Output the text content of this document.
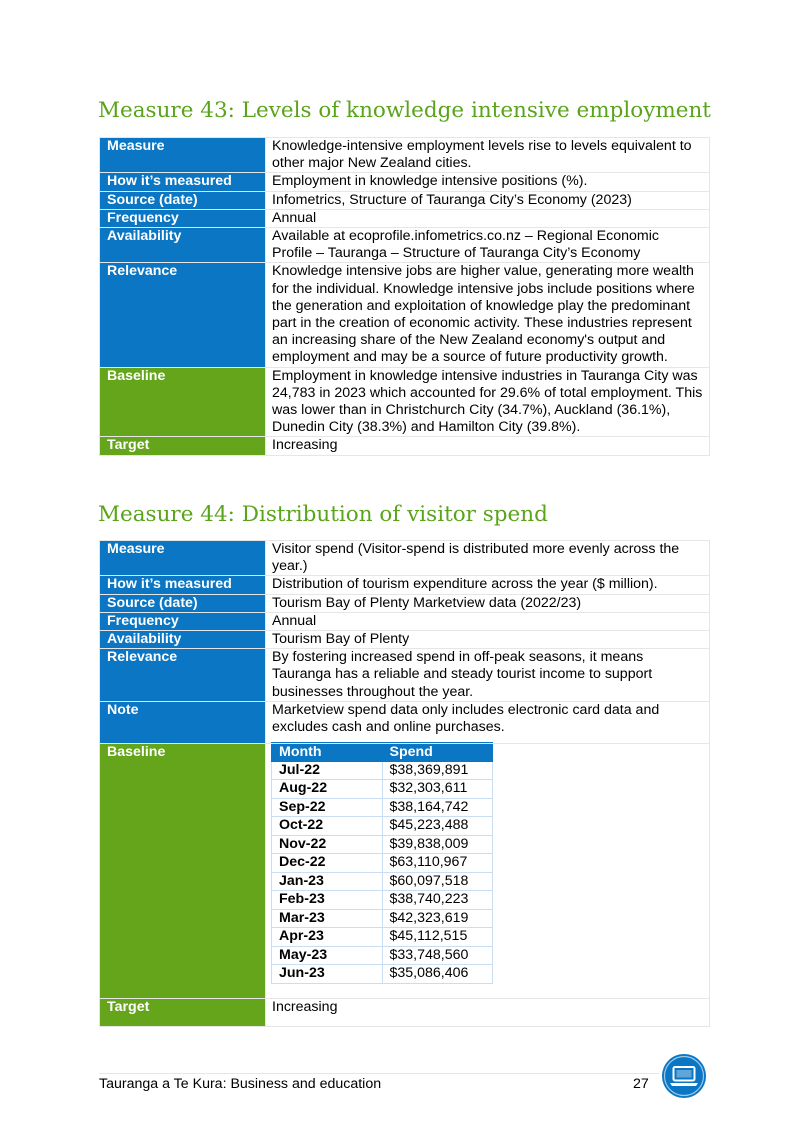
Measure 43: Levels of knowledge intensive employment
Measure	Knowledge-intensive employment levels rise to levels equivalent to other major New Zealand cities.
How it’s measured	Employment in knowledge intensive positions (%).
Source (date)	Infometrics, Structure of Tauranga City’s Economy (2023)
Frequency	Annual
Availability	Available at ecoprofile.infometrics.co.nz – Regional Economic Profile – Tauranga – Structure of Tauranga City’s Economy
Relevance	Knowledge intensive jobs are higher value, generating more wealth for the individual. Knowledge intensive jobs include positions where the generation and exploitation of knowledge play the predominant part in the creation of economic activity. These industries represent an increasing share of the New Zealand economy's output and employment and may be a source of future productivity growth.
Baseline	Employment in knowledge intensive industries in Tauranga City was 24,783 in 2023 which accounted for 29.6% of total employment. This was lower than in Christchurch City (34.7%), Auckland (36.1%), Dunedin City (38.3%) and Hamilton City (39.8%).
Target	Increasing
Measure 44: Distribution of visitor spend
Measure	Visitor spend (Visitor-spend is distributed more evenly across the year.)
How it’s measured	Distribution of tourism expenditure across the year ($ million).
Source (date)	Tourism Bay of Plenty Marketview data (2022/23)
Frequency	Annual
Availability	Tourism Bay of Plenty
Relevance	By fostering increased spend in off-peak seasons, it means Tauranga has a reliable and steady tourist income to support businesses throughout the year.
Note	Marketview spend data only includes electronic card data and excludes cash and online purchases.
Baseline		Month	Spend
Jul-22	$38,369,891
Aug-22	$32,303,611
Sep-22	$38,164,742
Oct-22	$45,223,488
Nov-22	$39,838,009
Dec-22	$63,110,967
Jan-23	$60,097,518
Feb-23	$38,740,223
Mar-23	$42,323,619
Apr-23	$45,112,515
May-23	$33,748,560
Jun-23	$35,086,406

Target	Increasing
Tauranga a Te Kura: Business and education	27
